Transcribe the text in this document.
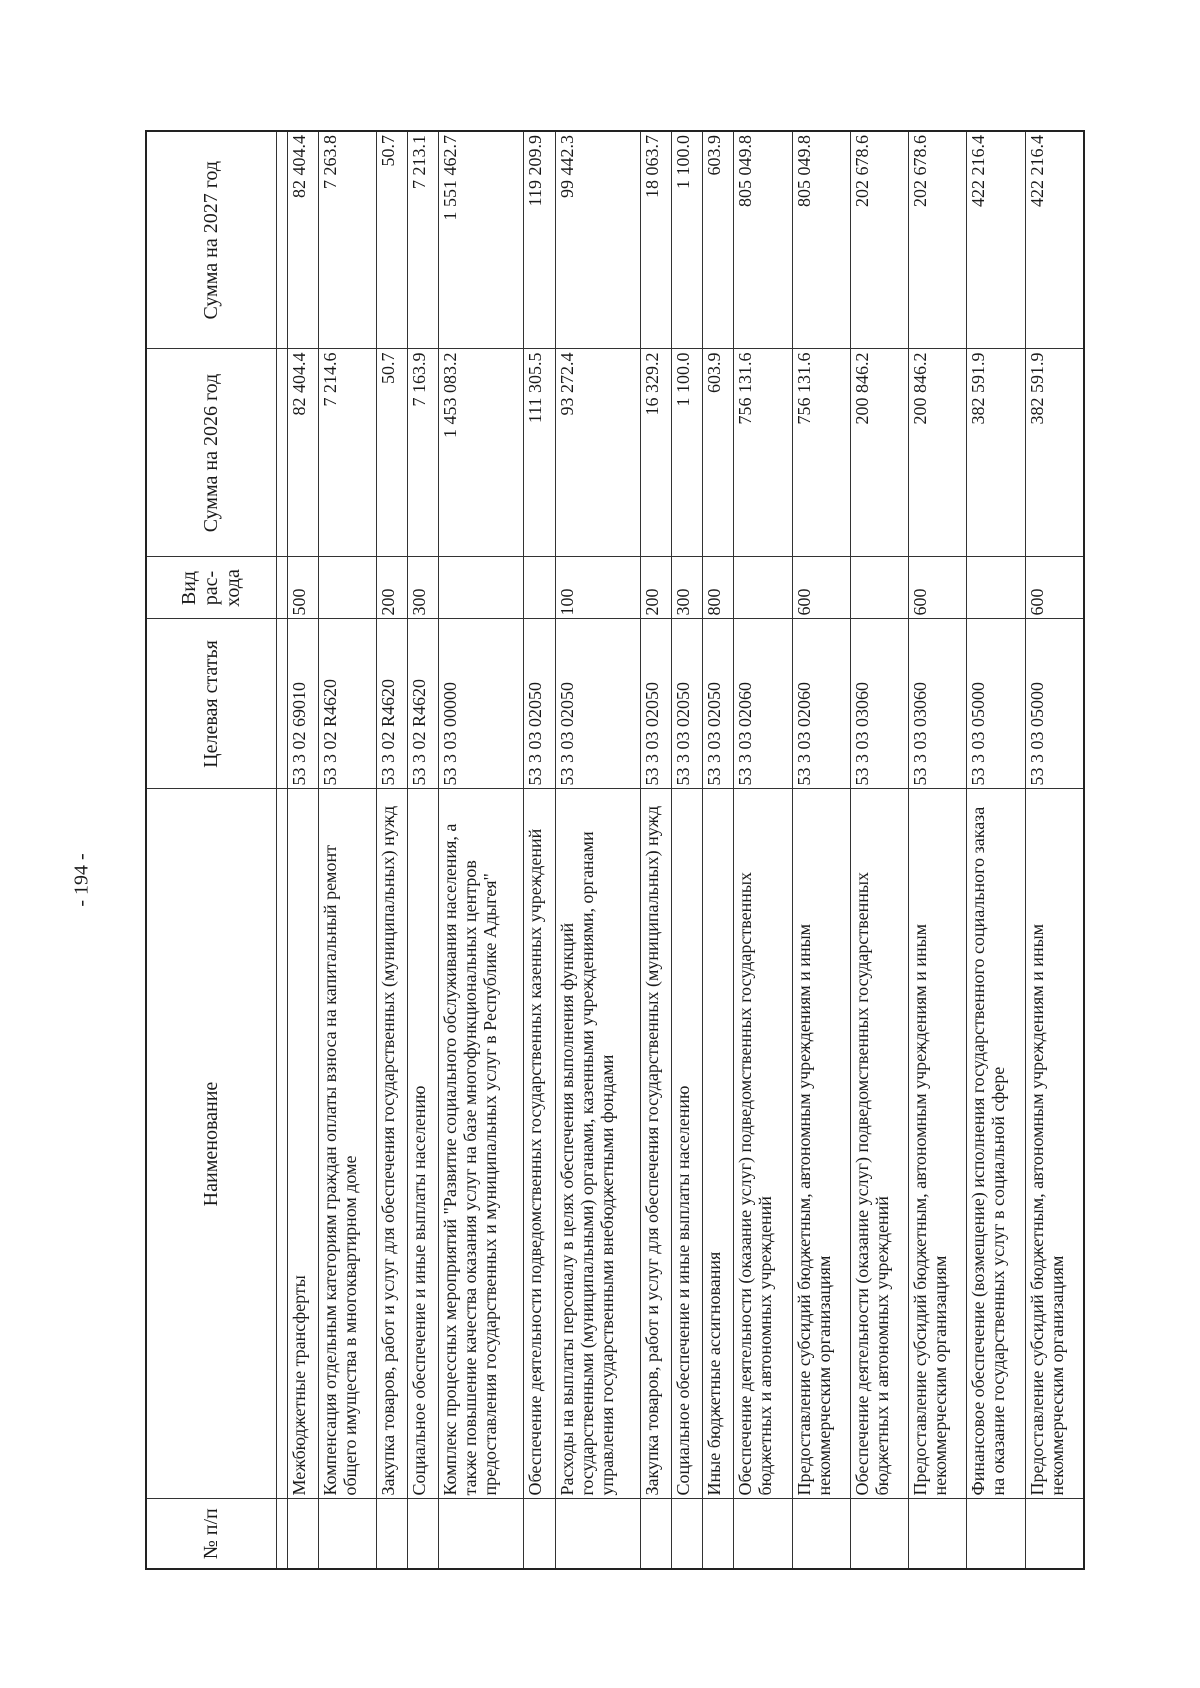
- 194 -
№ п/п	Наименование	Целевая статья	Вид рас-хода	Сумма на 2026 год	Сумма на 2027 год

	Межбюджетные трансферты	53 3 02 69010	500	82 404.4	82 404.4
	Компенсация отдельным категориям граждан оплаты взноса на капитальный ремонт общего имущества в многоквартирном доме	53 3 02 R4620		7 214.6	7 263.8
	Закупка товаров, работ и услуг для обеспечения государственных (муниципальных) нужд	53 3 02 R4620	200	50.7	50.7
	Социальное обеспечение и иные выплаты населению	53 3 02 R4620	300	7 163.9	7 213.1
	Комплекс процессных мероприятий "Развитие социального обслуживания населения, а также повышение качества оказания услуг на базе многофункциональных центров предоставления государственных и муниципальных услуг в Республике Адыгея"	53 3 03 00000		1 453 083.2	1 551 462.7
	Обеспечение деятельности подведомственных государственных казенных учреждений	53 3 03 02050		111 305.5	119 209.9
	Расходы на выплаты персоналу в целях обеспечения выполнения функций государственными (муниципальными) органами, казенными учреждениями, органами управления государственными внебюджетными фондами	53 3 03 02050	100	93 272.4	99 442.3
	Закупка товаров, работ и услуг для обеспечения государственных (муниципальных) нужд	53 3 03 02050	200	16 329.2	18 063.7
	Социальное обеспечение и иные выплаты населению	53 3 03 02050	300	1 100.0	1 100.0
	Иные бюджетные ассигнования	53 3 03 02050	800	603.9	603.9
	Обеспечение деятельности (оказание услуг) подведомственных государственных бюджетных и автономных учреждений	53 3 03 02060		756 131.6	805 049.8
	Предоставление субсидий бюджетным, автономным учреждениям и иным некоммерческим организациям	53 3 03 02060	600	756 131.6	805 049.8
	Обеспечение деятельности (оказание услуг) подведомственных государственных бюджетных и автономных учреждений	53 3 03 03060		200 846.2	202 678.6
	Предоставление субсидий бюджетным, автономным учреждениям и иным некоммерческим организациям	53 3 03 03060	600	200 846.2	202 678.6
	Финансовое обеспечение (возмещение) исполнения государственного социального заказа на оказание государственных услуг в социальной сфере	53 3 03 05000		382 591.9	422 216.4
	Предоставление субсидий бюджетным, автономным учреждениям и иным некоммерческим организациям	53 3 03 05000	600	382 591.9	422 216.4
